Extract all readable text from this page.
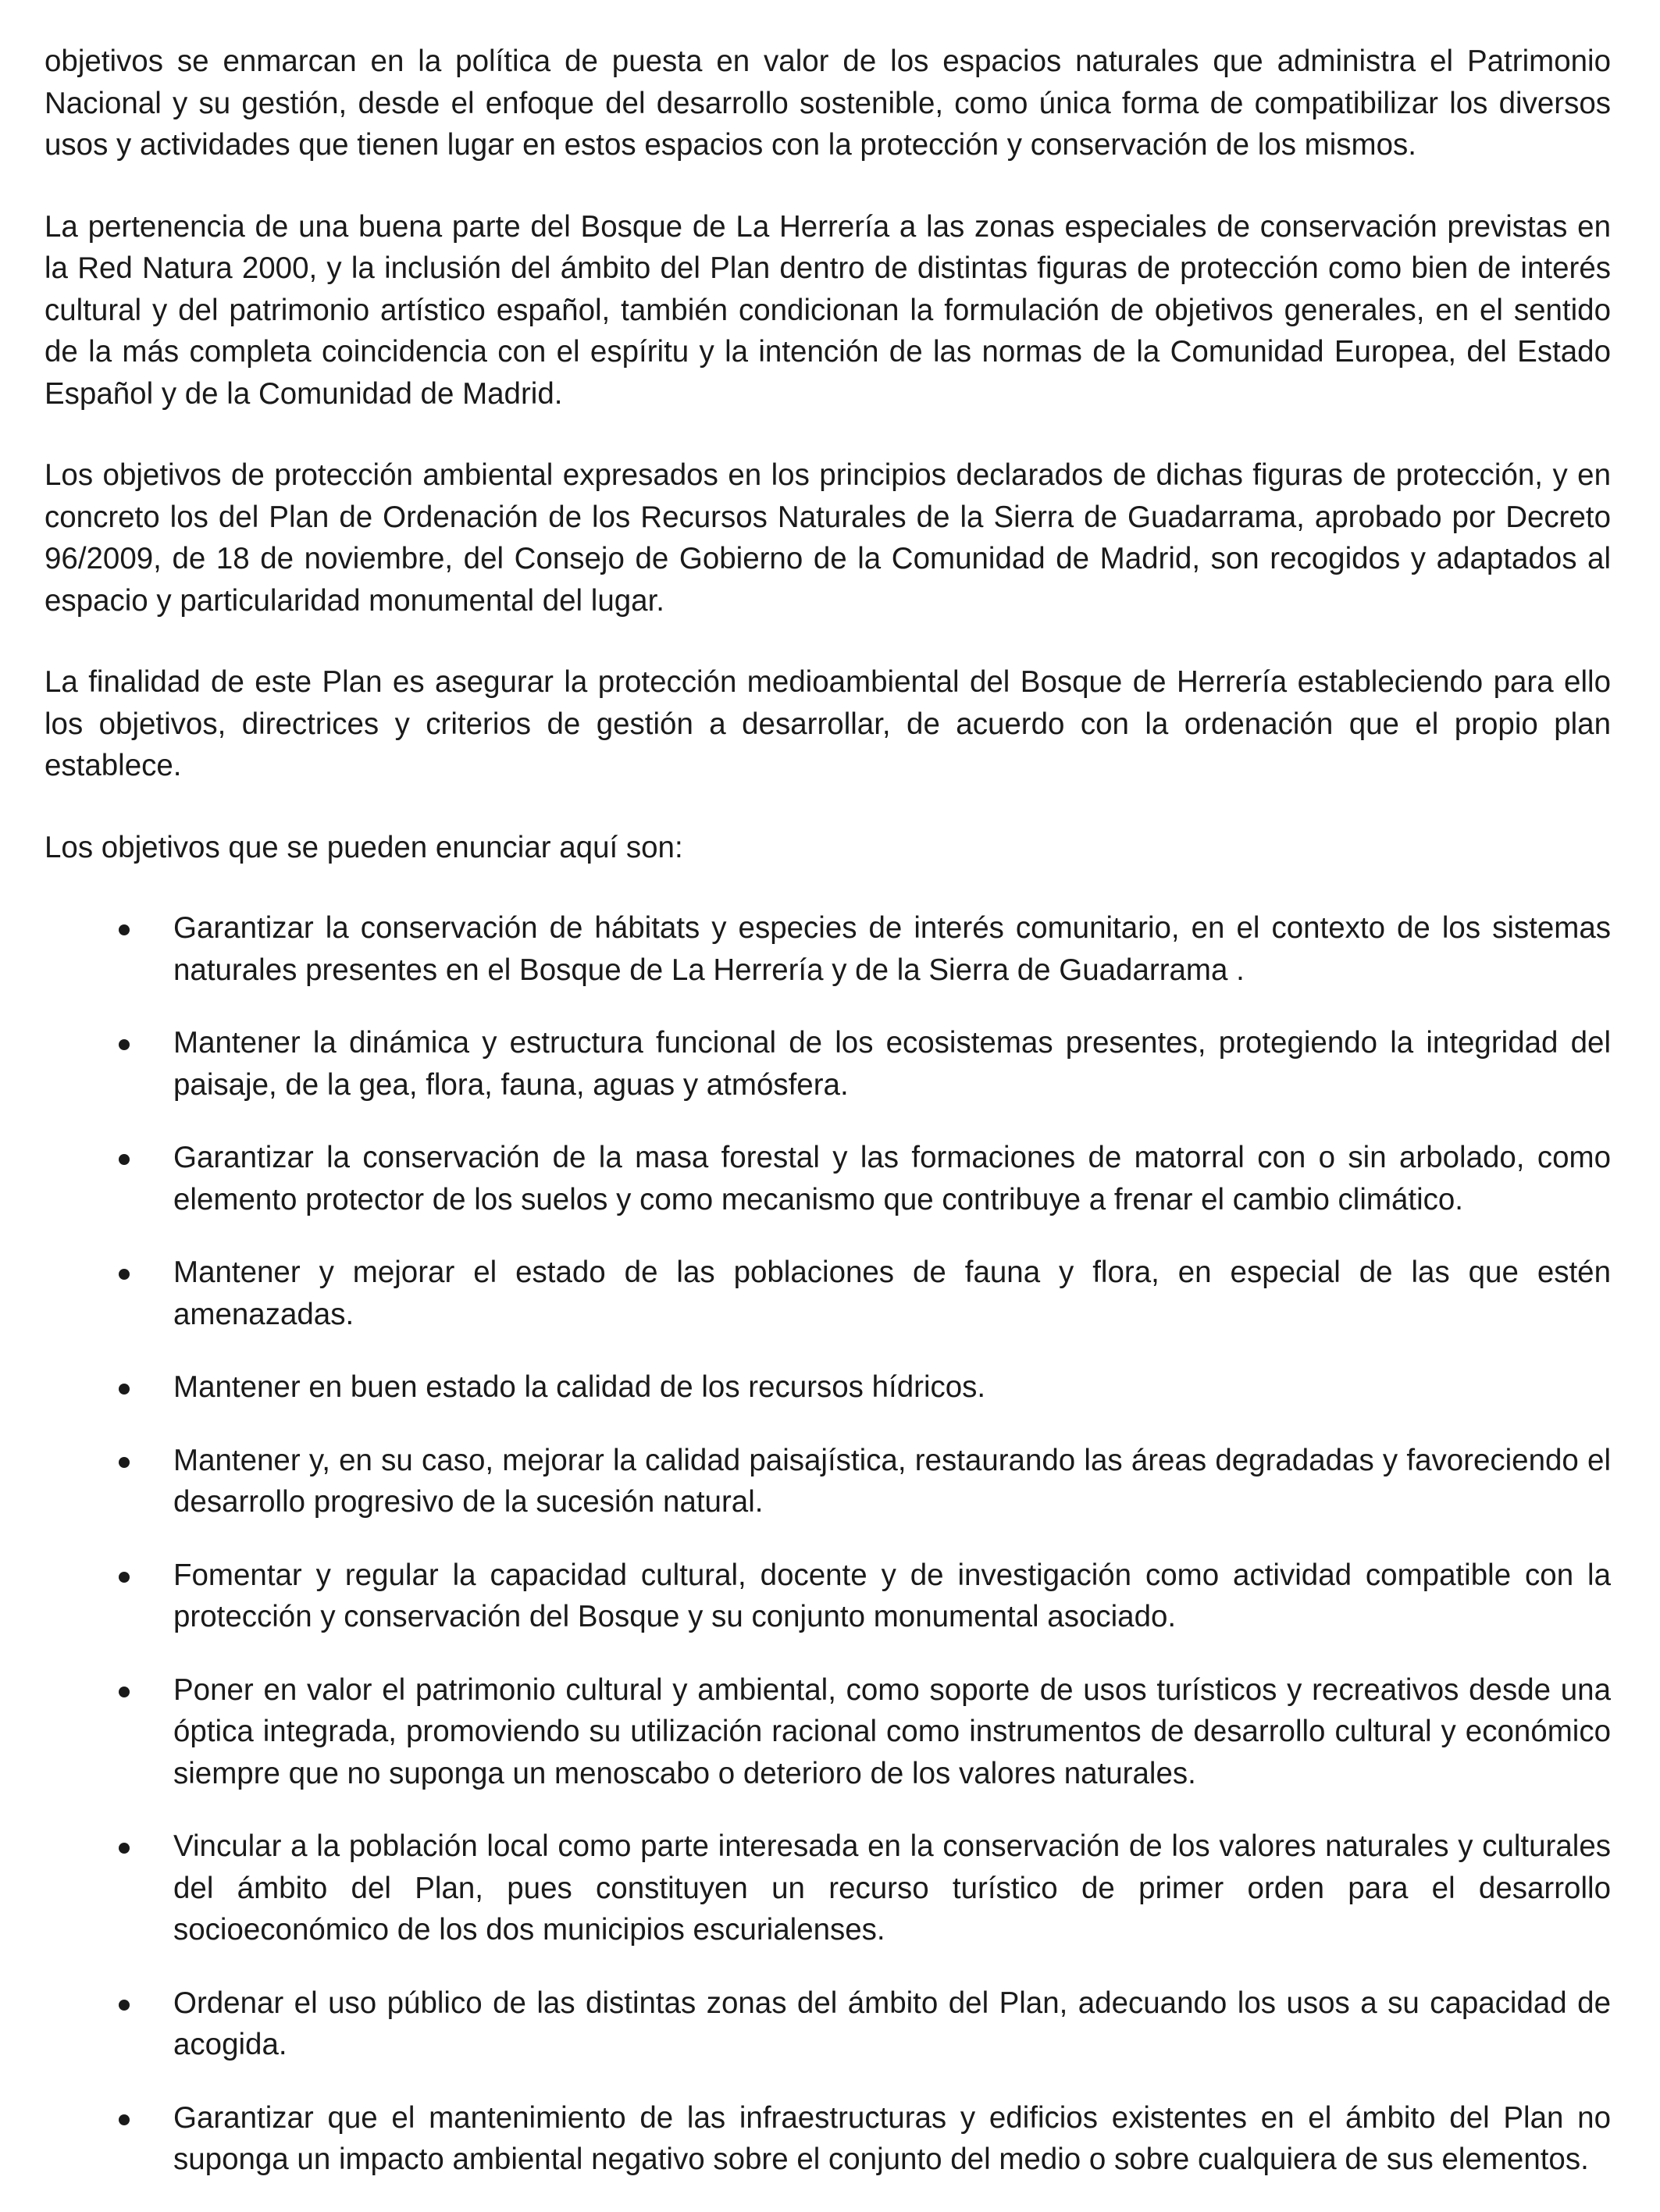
objetivos se enmarcan en la política de puesta en valor de los espacios naturales que administra el Patrimonio Nacional y su gestión, desde el enfoque del desarrollo sostenible, como única forma de compatibilizar los diversos usos y actividades que tienen lugar en estos espacios con la protección y conservación de los mismos.

La pertenencia de una buena parte del Bosque de La Herrería a las zonas especiales de conservación previstas en la Red Natura 2000, y la inclusión del ámbito del Plan dentro de distintas figuras de protección como bien de interés cultural y del patrimonio artístico español, también condicionan la formulación de objetivos generales, en el sentido de la más completa coincidencia con el espíritu y la intención de las normas de la Comunidad Europea, del Estado Español y de la Comunidad de Madrid.

Los objetivos de protección ambiental expresados en los principios declarados de dichas figuras de protección, y en concreto los del Plan de Ordenación de los Recursos Naturales de la Sierra de Guadarrama, aprobado por Decreto 96/2009, de 18 de noviembre, del Consejo de Gobierno de la Comunidad de Madrid, son recogidos y adaptados al espacio y particularidad monumental del lugar.

La finalidad de este Plan es asegurar la protección medioambiental del Bosque de Herrería estableciendo para ello los objetivos, directrices y criterios de gestión a desarrollar, de acuerdo con la ordenación que el propio plan establece.

Los objetivos que se pueden enunciar aquí son:

Garantizar la conservación de hábitats y especies de interés comunitario, en el contexto de los sistemas naturales presentes en el Bosque de La Herrería y de la Sierra de Guadarrama .
Mantener la dinámica y estructura funcional de los ecosistemas presentes, protegiendo la integridad del paisaje, de la gea, flora, fauna, aguas y atmósfera.
Garantizar la conservación de la masa forestal y las formaciones de matorral con o sin arbolado, como elemento protector de los suelos y como mecanismo que contribuye a frenar el cambio climático.
Mantener y mejorar el estado de las poblaciones de fauna y flora, en especial de las que estén amenazadas.
Mantener en buen estado la calidad de los recursos hídricos.
Mantener y, en su caso, mejorar la calidad paisajística, restaurando las áreas degradadas y favoreciendo el desarrollo progresivo de la sucesión natural.
Fomentar y regular la capacidad cultural, docente y de investigación como actividad compatible con la protección y conservación del Bosque y su conjunto monumental asociado.
Poner en valor el patrimonio cultural y ambiental, como soporte de usos turísticos y recreativos desde una óptica integrada, promoviendo su utilización racional como instrumentos de desarrollo cultural y económico siempre que no suponga un menoscabo o deterioro de los valores naturales.
Vincular a la población local como parte interesada en la conservación de los valores naturales y culturales del ámbito del Plan, pues constituyen un recurso turístico de primer orden para el desarrollo socioeconómico de los dos municipios escurialenses.
Ordenar el uso público de las distintas zonas del ámbito del Plan, adecuando los usos a su capacidad de acogida.
Garantizar que el mantenimiento de las infraestructuras y edificios existentes en el ámbito del Plan no suponga un impacto ambiental negativo sobre el conjunto del medio o sobre cualquiera de sus elementos.
